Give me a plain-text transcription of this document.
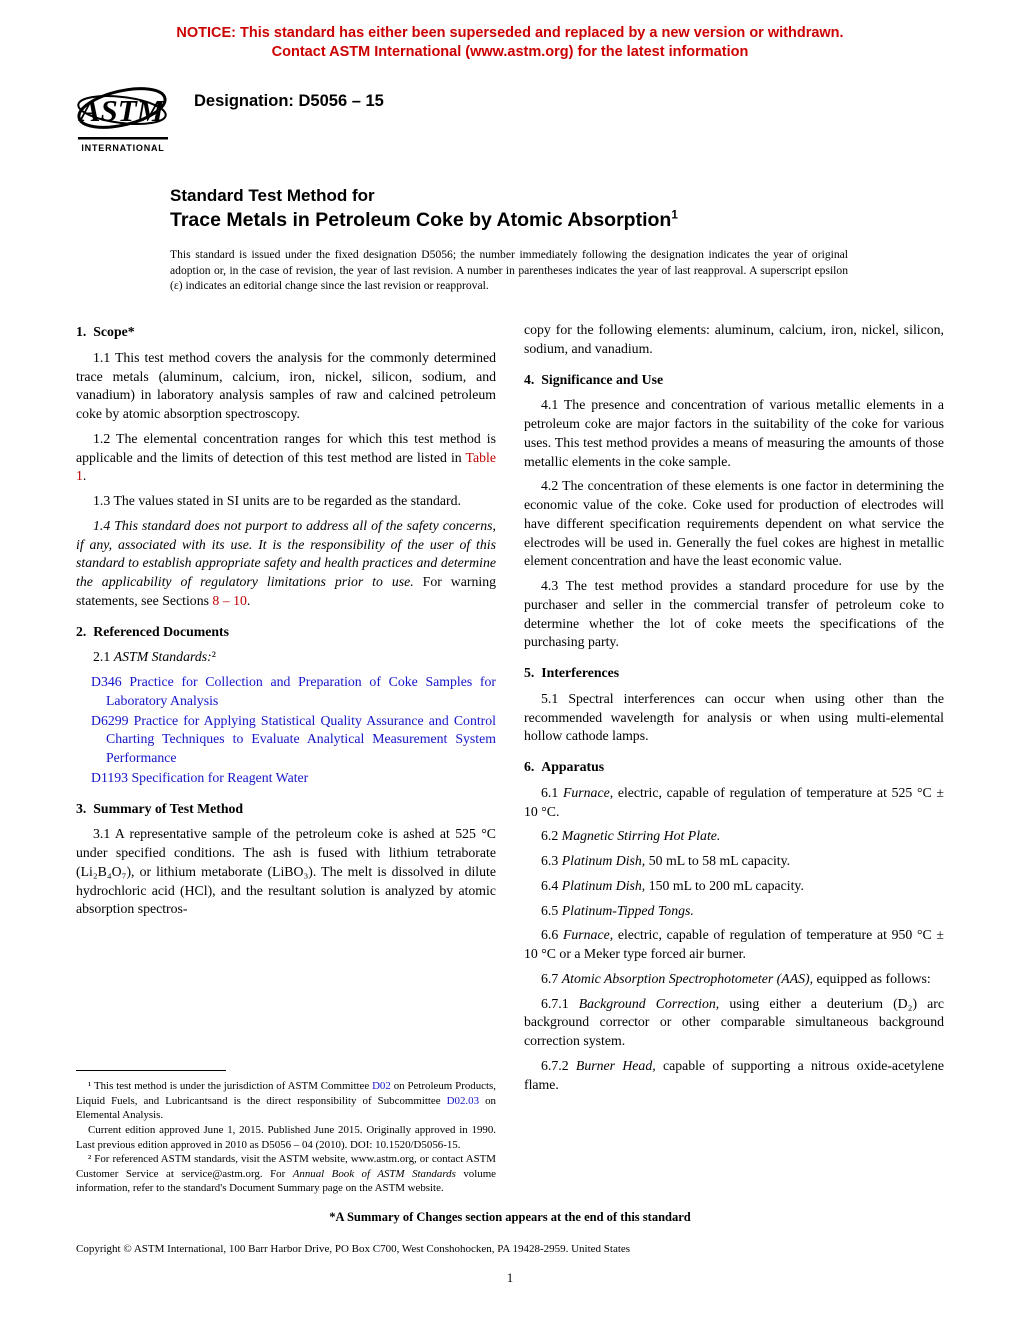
NOTICE: This standard has either been superseded and replaced by a new version or withdrawn.
Contact ASTM International (www.astm.org) for the latest information
ASTM
INTERNATIONAL
Designation: D5056 – 15
Standard Test Method for
Trace Metals in Petroleum Coke by Atomic Absorption$^1$
This standard is issued under the fixed designation D5056; the number immediately following the designation indicates the year of original adoption or, in the case of revision, the year of last revision. A number in parentheses indicates the year of last reapproval. A superscript epsilon (ε) indicates an editorial change since the last revision or reapproval.

1. Scope*

1.1 This test method covers the analysis for the commonly determined trace metals (aluminum, calcium, iron, nickel, silicon, sodium, and vanadium) in laboratory analysis samples of raw and calcined petroleum coke by atomic absorption spectroscopy.

1.2 The elemental concentration ranges for which this test method is applicable and the limits of detection of this test method are listed in Table 1.

1.3 The values stated in SI units are to be regarded as the standard.

1.4 This standard does not purport to address all of the safety concerns, if any, associated with its use. It is the responsibility of the user of this standard to establish appropriate safety and health practices and determine the applicability of regulatory limitations prior to use. For warning statements, see Sections 8 – 10.

2. Referenced Documents

2.1 ASTM Standards:²

D346 Practice for Collection and Preparation of Coke Samples for Laboratory Analysis

D6299 Practice for Applying Statistical Quality Assurance and Control Charting Techniques to Evaluate Analytical Measurement System Performance

D1193 Specification for Reagent Water

3. Summary of Test Method

3.1 A representative sample of the petroleum coke is ashed at 525 °C under specified conditions. The ash is fused with lithium tetraborate (Li₂B₄O₇), or lithium metaborate (LiBO₃). The melt is dissolved in dilute hydrochloric acid (HCl), and the resultant solution is analyzed by atomic absorption spectros-

¹ This test method is under the jurisdiction of ASTM Committee D02 on Petroleum Products, Liquid Fuels, and Lubricantsand is the direct responsibility of Subcommittee D02.03 on Elemental Analysis.

Current edition approved June 1, 2015. Published June 2015. Originally approved in 1990. Last previous edition approved in 2010 as D5056 – 04 (2010). DOI: 10.1520/D5056-15.

² For referenced ASTM standards, visit the ASTM website, www.astm.org, or contact ASTM Customer Service at service@astm.org. For Annual Book of ASTM Standards volume information, refer to the standard's Document Summary page on the ASTM website.

copy for the following elements: aluminum, calcium, iron, nickel, silicon, sodium, and vanadium.

4. Significance and Use

4.1 The presence and concentration of various metallic elements in a petroleum coke are major factors in the suitability of the coke for various uses. This test method provides a means of measuring the amounts of those metallic elements in the coke sample.

4.2 The concentration of these elements is one factor in determining the economic value of the coke. Coke used for production of electrodes will have different specification requirements dependent on what service the electrodes will be used in. Generally the fuel cokes are highest in metallic element concentration and have the least economic value.

4.3 The test method provides a standard procedure for use by the purchaser and seller in the commercial transfer of petroleum coke to determine whether the lot of coke meets the specifications of the purchasing party.

5. Interferences

5.1 Spectral interferences can occur when using other than the recommended wavelength for analysis or when using multi-elemental hollow cathode lamps.

6. Apparatus

6.1 Furnace, electric, capable of regulation of temperature at 525 °C ± 10 °C.

6.2 Magnetic Stirring Hot Plate.

6.3 Platinum Dish, 50 mL to 58 mL capacity.

6.4 Platinum Dish, 150 mL to 200 mL capacity.

6.5 Platinum-Tipped Tongs.

6.6 Furnace, electric, capable of regulation of temperature at 950 °C ± 10 °C or a Meker type forced air burner.

6.7 Atomic Absorption Spectrophotometer (AAS), equipped as follows:

6.7.1 Background Correction, using either a deuterium (D₂) arc background corrector or other comparable simultaneous background correction system.

6.7.2 Burner Head, capable of supporting a nitrous oxide-acetylene flame.

*A Summary of Changes section appears at the end of this standard
Copyright © ASTM International, 100 Barr Harbor Drive, PO Box C700, West Conshohocken, PA 19428-2959. United States
1
